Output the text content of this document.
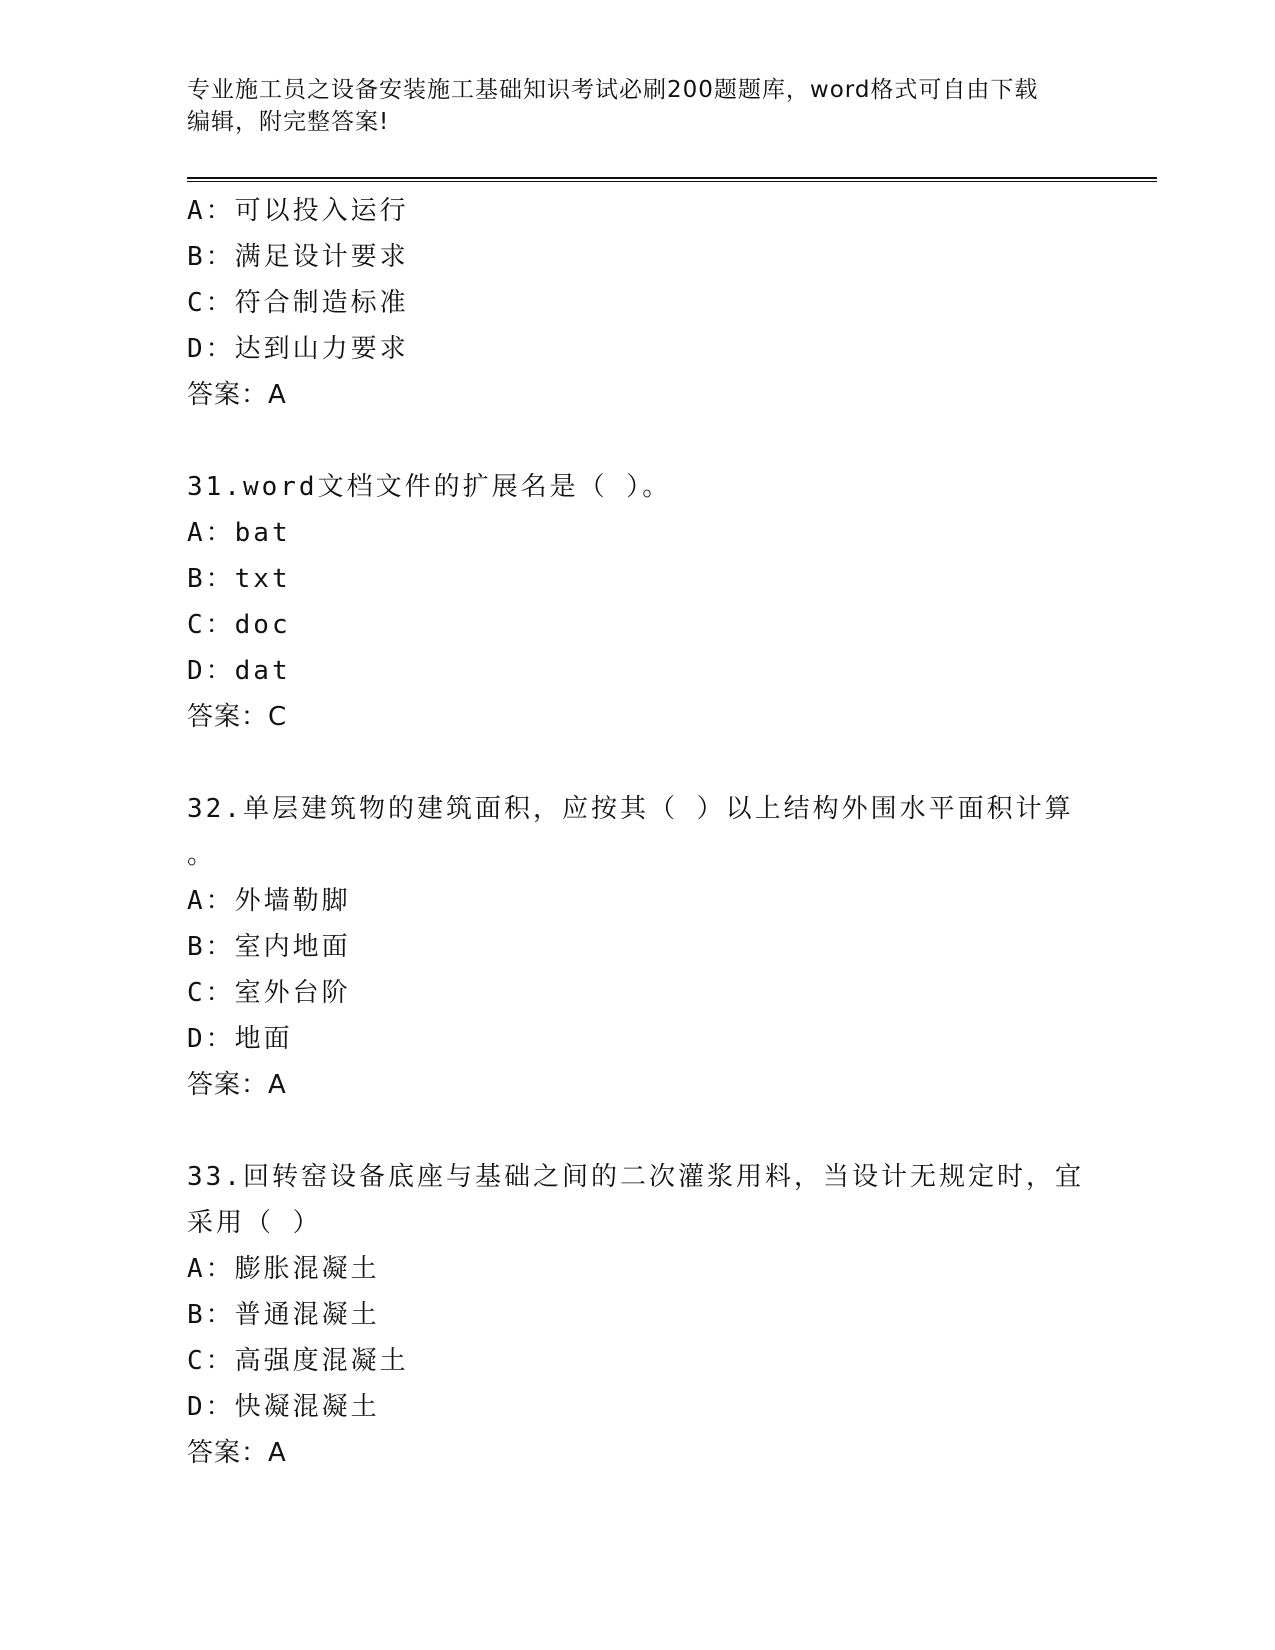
专业施工员之设备安装施工基础知识考试必刷200题题库，word格式可自由下载
编辑，附完整答案!
A：可以投入运行
B：满足设计要求
C：符合制造标准
D：达到山力要求
答案：A
31.word文档文件的扩展名是（ ）。
A：bat
B：txt
C：doc
D：dat
答案：C
32.单层建筑物的建筑面积，应按其（ ）以上结构外围水平面积计算
。
A：外墙勒脚
B：室内地面
C：室外台阶
D：地面
答案：A
33.回转窑设备底座与基础之间的二次灌浆用料，当设计无规定时，宜
采用（ ）
A：膨胀混凝土
B：普通混凝土
C：高强度混凝土
D：快凝混凝土
答案：A
